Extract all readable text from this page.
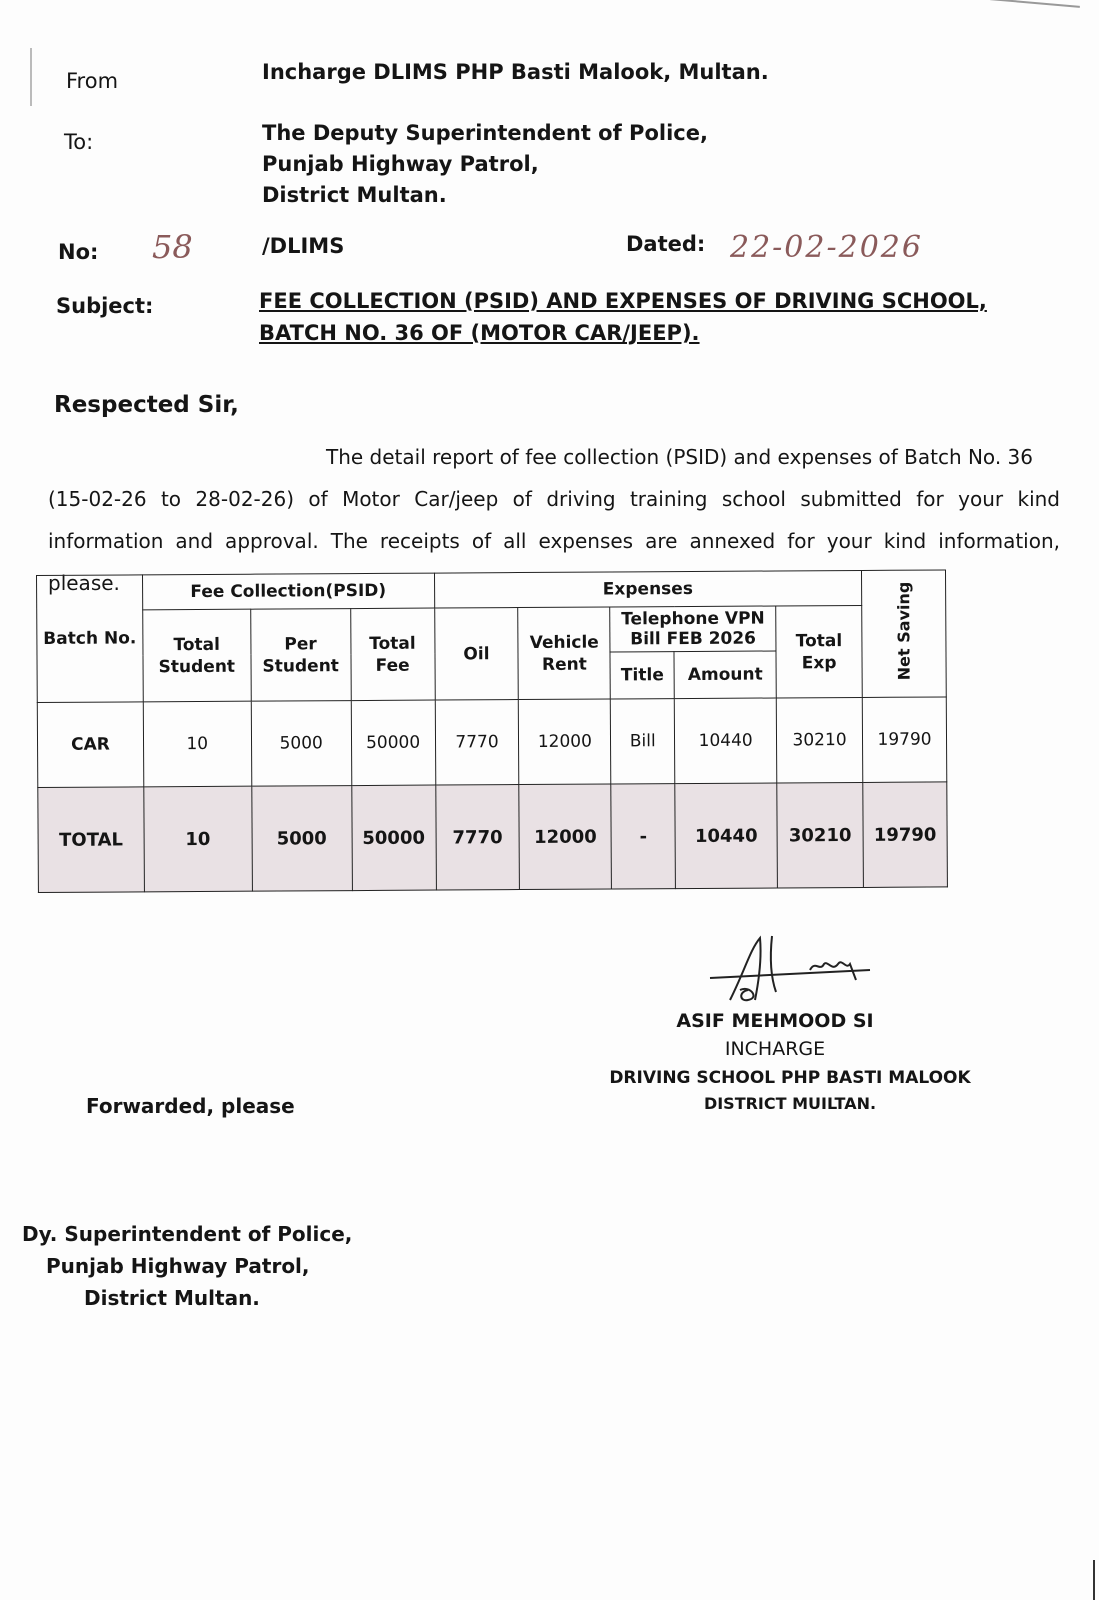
From	Incharge DLIMS PHP Basti Malook, Multan.
To:	The Deputy Superintendent of Police,
Punjab Highway Patrol,
District Multan.
No: 58	/DLIMS	Dated: 22-02-2026
Subject:	FEE COLLECTION (PSID) AND EXPENSES OF DRIVING SCHOOL,
BATCH NO. 36 OF (MOTOR CAR/JEEP).
Respected Sir,
The detail report of fee collection (PSID) and expenses of Batch No. 36
(15-02-26 to 28-02-26) of Motor Car/jeep of driving training school submitted for your kind
information and approval. The receipts of all expenses are annexed for your kind information, please.
Batch No.	Fee Collection(PSID)			Expenses					Net Saving
	Total Student	Per Student	Total Fee	Oil	Vehicle Rent	Telephone VPN Bill FEB 2026		Total Exp	
						Title	Amount		
CAR	10	5000	50000	7770	12000	Bill	10440	30210	19790
TOTAL	10	5000	50000	7770	12000	-	10440	30210	19790
ASIF MEHMOOD SI
INCHARGE
DRIVING SCHOOL PHP BASTI MALOOK
DISTRICT MUILTAN.
Forwarded, please
Dy. Superintendent of Police,
Punjab Highway Patrol,
District Multan.
